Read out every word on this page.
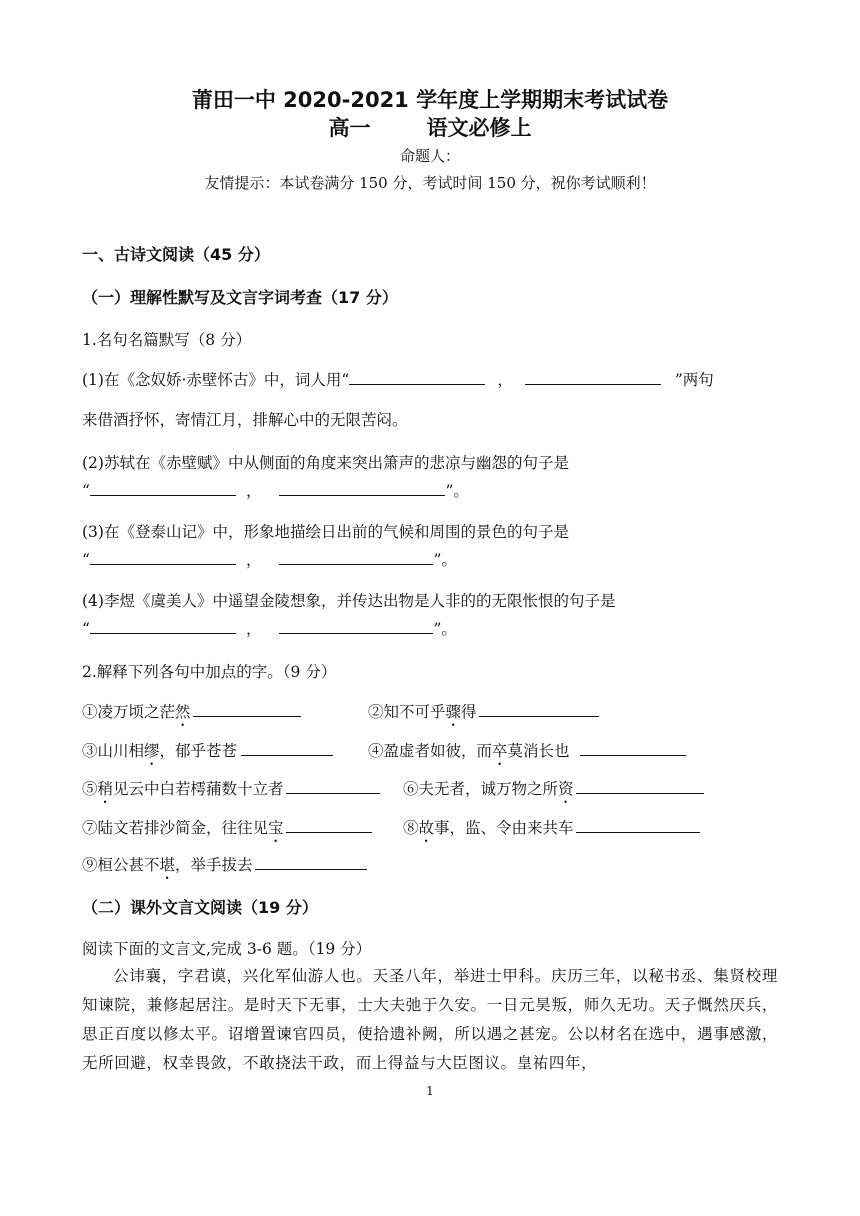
莆田一中 2020-2021 学年度上学期期末考试试卷
高一	语文必修上
命题人：
友情提示：本试卷满分 150 分，考试时间 150 分，祝你考试顺利！
一、古诗文阅读（45 分）
（一）理解性默写及文言字词考查（17 分）
1.名句名篇默写（8 分）
(1)在《念奴娇·赤壁怀古》中，词人用“	，	”两句
来借酒抒怀，寄情江月，排解心中的无限苦闷。
(2)苏轼在《赤壁赋》中从侧面的角度来突出箫声的悲凉与幽怨的句子是
“	，	”。
(3)在《登泰山记》中，形象地描绘日出前的气候和周围的景色的句子是
“	，	”。
(4)李煜《虞美人》中遥望金陵想象，并传达出物是人非的的无限怅恨的句子是
“	，	”。
2.解释下列各句中加点的字。（9 分）
①凌万顷之茫然	②知不可乎骤得
③山川相缪，郁乎苍苍	④盈虚者如彼，而卒莫消长也
⑤稍见云中白若樗蒱数十立者	⑥夫无者，诚万物之所资
⑦陆文若排沙简金，往往见宝	⑧故事，监、令由来共车
⑨桓公甚不堪，举手拔去
（二）课外文言文阅读（19 分）
阅读下面的文言文,完成 3-6 题。（19 分）

公讳襄，字君谟，兴化军仙游人也。天圣八年，举进士甲科。庆历三年，以秘书丞、集贤校理知谏院，兼修起居注。是时天下无事，士大夫弛于久安。一日元昊叛，师久无功。天子慨然厌兵，思正百度以修太平。诏增置谏官四员，使拾遗补阙，所以遇之甚宠。公以材名在选中，遇事感激，无所回避，权幸畏敛，不敢挠法干政，而上得益与大臣图议。皇祐四年，

1
